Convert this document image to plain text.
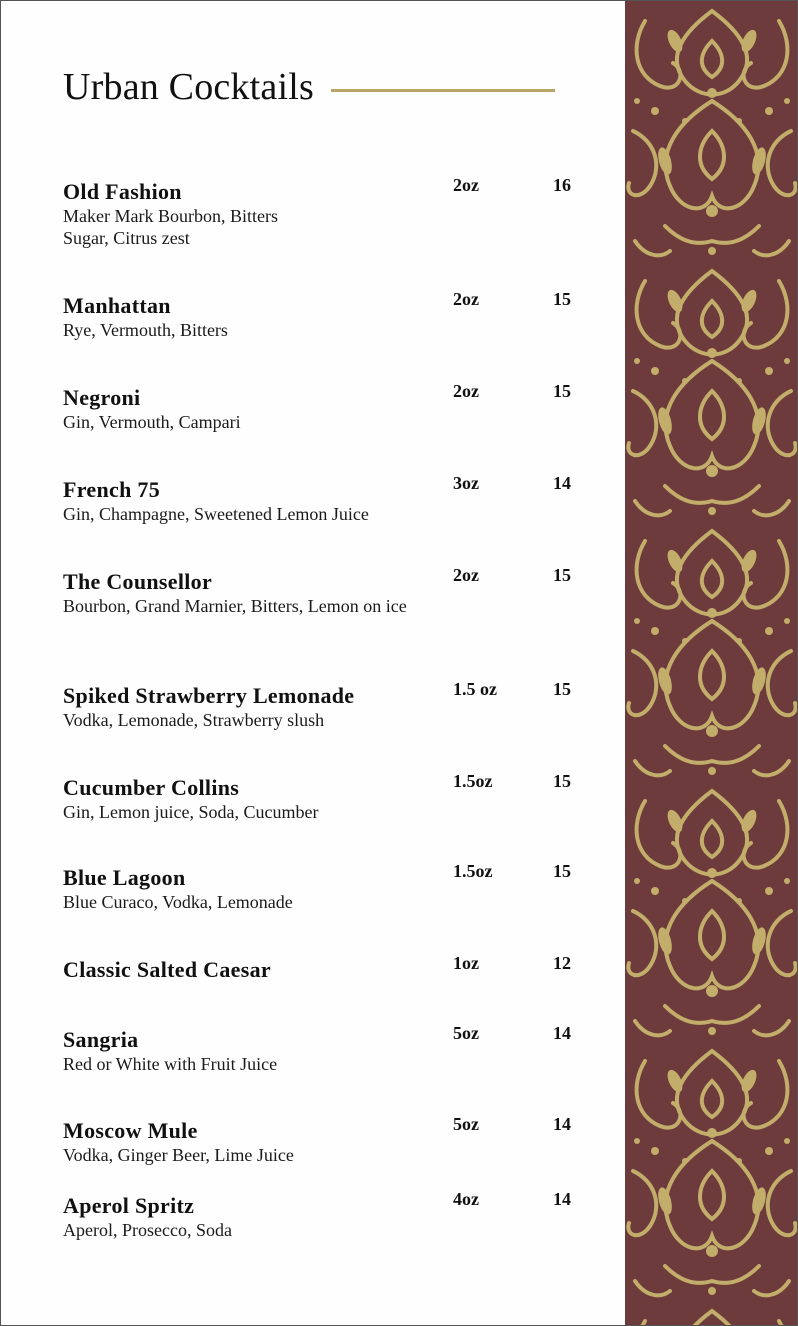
Urban Cocktails
Old Fashion
Maker Mark Bourbon, Bitters
Sugar, Citrus zest
2oz	16
Manhattan
Rye, Vermouth, Bitters
2oz	15
Negroni
Gin, Vermouth, Campari
2oz	15
French 75
Gin, Champagne, Sweetened Lemon Juice
3oz	14
The Counsellor
Bourbon, Grand Marnier, Bitters, Lemon on ice
2oz	15
Spiked Strawberry Lemonade
Vodka, Lemonade, Strawberry slush
1.5 oz	15
Cucumber Collins
Gin, Lemon juice, Soda, Cucumber
1.5oz	15
Blue Lagoon
Blue Curaco, Vodka, Lemonade
1.5oz	15
Classic Salted Caesar	1oz	12
Sangria
Red or White with Fruit Juice
5oz	14
Moscow Mule
Vodka, Ginger Beer, Lime Juice
5oz	14
Aperol Spritz
Aperol, Prosecco, Soda
4oz	14
